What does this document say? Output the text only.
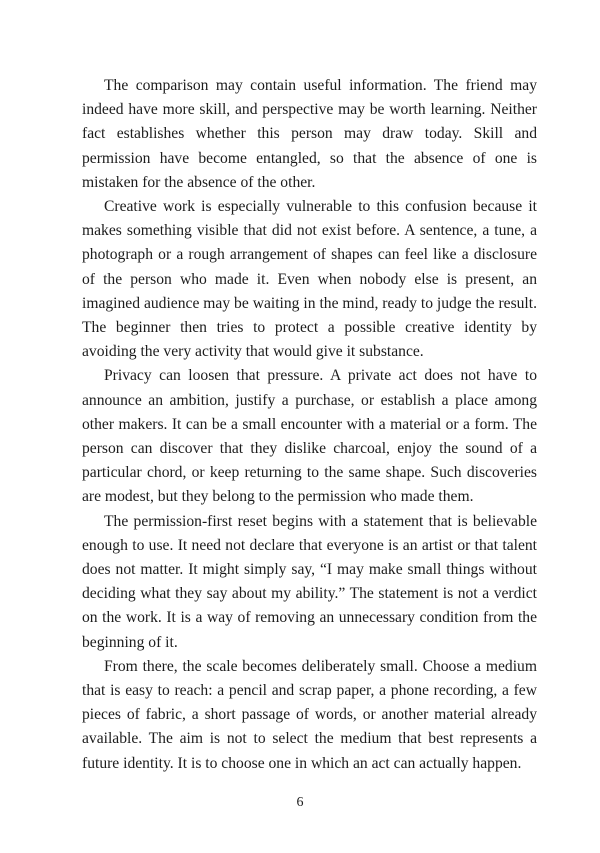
The comparison may contain useful information. The friend may indeed have more skill, and perspective may be worth learning. Neither fact establishes whether this person may draw today. Skill and permission have become entangled, so that the absence of one is mistaken for the absence of the other.

Creative work is especially vulnerable to this confusion because it makes something visible that did not exist before. A sentence, a tune, a photograph or a rough arrangement of shapes can feel like a disclosure of the person who made it. Even when nobody else is present, an imagined audience may be waiting in the mind, ready to judge the result. The beginner then tries to protect a possible creative identity by avoiding the very activity that would give it substance.

Privacy can loosen that pressure. A private act does not have to announce an ambition, justify a purchase, or establish a place among other makers. It can be a small encounter with a material or a form. The person can discover that they dislike charcoal, enjoy the sound of a particular chord, or keep returning to the same shape. Such discoveries are modest, but they belong to the permission who made them.

The permission-first reset begins with a statement that is believable enough to use. It need not declare that everyone is an artist or that talent does not matter. It might simply say, “I may make small things without deciding what they say about my ability.” The statement is not a verdict on the work. It is a way of removing an unnecessary condition from the beginning of it.

From there, the scale becomes deliberately small. Choose a medium that is easy to reach: a pencil and scrap paper, a phone recording, a few pieces of fabric, a short passage of words, or another material already available. The aim is not to select the medium that best represents a future identity. It is to choose one in which an act can actually happen.

6
